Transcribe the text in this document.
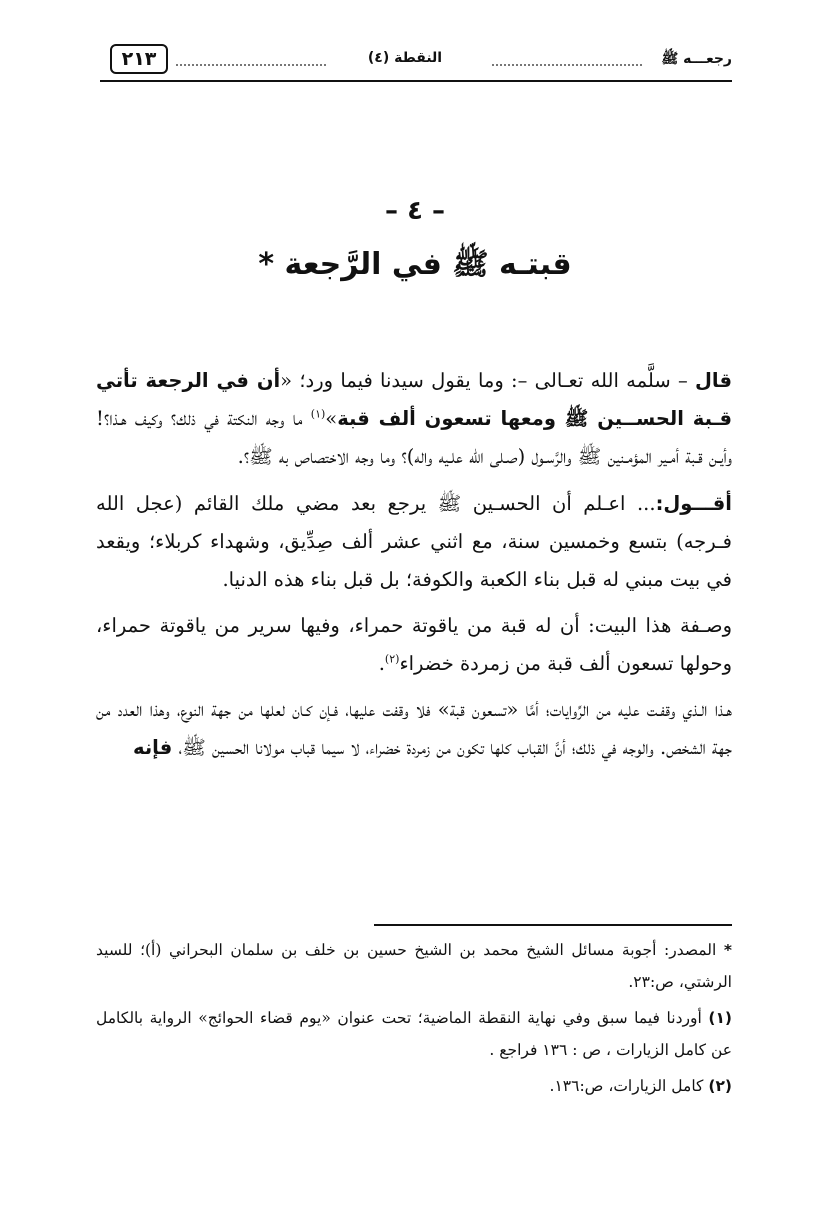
٢١٣	النقطة (٤)	رجعـــه ﷺ
– ٤ –
قبتـه ﷺ في الرَّجعة *

قال – سلَّمه الله تعـالى –: وما يقول سيدنا فيما ورد؛ «أن في الرجعة تأتي قـبة الحســين ﷺ ومعها تسعون ألف قبة»$^{(١)}$ ما وجه النكتة في ذلك؟ وكيف هـذا؟! وأيـن قـبة أمـير المؤمـنين ﷺ والرَّسـول (صـلى الله علـيه واله)؟ وما وجه الاختصاص به ﷺ؟.

أقـــول:... اعـلم أن الحسـين ﷺ يرجع بعد مضي ملك القائم (عجل الله فـرجه) بتسع وخمسين سنة، مع اثني عشر ألف صِدِّيق، وشهداء كربلاء؛ ويقعد في بيت مبني له قبل بناء الكعبة والكوفة؛ بل قبل بناء هذه الدنيا.

وصـفة هذا البيت: أن له قبة من ياقوتة حمراء، وفيها سرير من ياقوتة حمراء، وحولها تسعون ألف قبة من زمردة خضراء$^{(٢)}$.

هـذا الـذي وقفـت عليه من الرِّوايات؛ أمَّا «تسعون قبة» فلا وقفت عليها، فـإن كـان لعلها من جهة النوع، وهذا العدد من جهة الشخص. والوجه في ذلك؛ أنَّ القباب كلها تكون من زمردة خضراء، لا سيما قباب مولانا الحسين ﷺ، فإنه

* المصدر: أجوبة مسائل الشيخ محمد بن الشيخ حسين بن خلف بن سلمان البحراني (أ)؛ للسيد الرشتي، ص:٢٣.

(١) أوردنا فيما سبق وفي نهاية النقطة الماضية؛ تحت عنوان «يوم قضاء الحوائج» الرواية بالكامل عن كامل الزيارات ، ص : ١٣٦ فراجع .

(٢) كامل الزيارات، ص:١٣٦.
